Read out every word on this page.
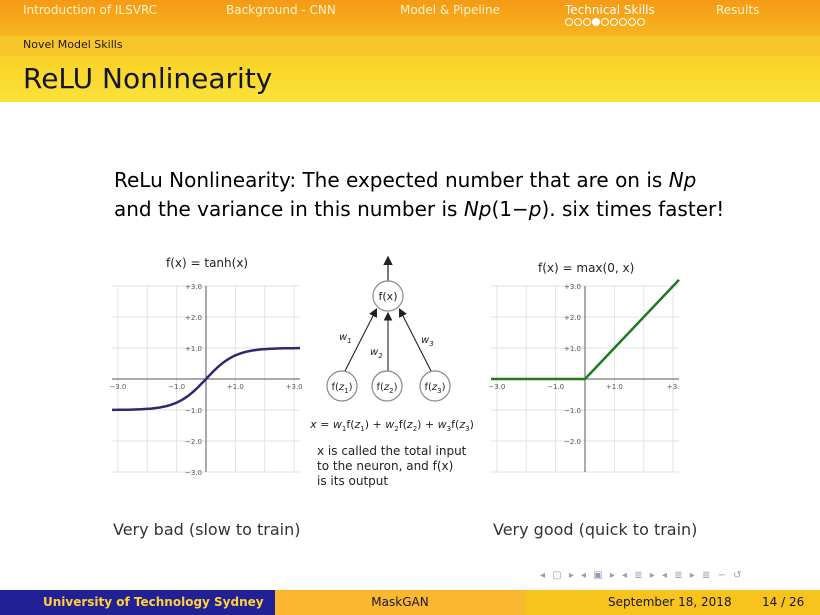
Introduction of ILSVRC	Background - CNN	Model & Pipeline	Technical Skills	Results
Novel Model Skills
ReLU Nonlinearity
ReLu Nonlinearity: The expected number that are on is Np
and the variance in this number is Np(1−p). six times faster!
f(x) = tanh(x)
+3.0
+2.0
+1.0
−1.0
−2.0
−3.0
−3.0	−1.0	+1.0	+3.0
f(x) = max(0, x)
+3.0
+2.0
+1.0
−1.0
−2.0
−3.0	−1.0	+1.0	+3.
f(x)
$w_1$
$w_2$
$w_3$
$f(z_1)$ $f(z_2)$	$f(z_3)$
$x = w_1f(z_1) + w_2f(z_2) + w_3f(z_3)$
x is called the total input
to the neuron, and f(x)
is its output
Very bad (slow to train)	Very good (quick to train)
◂ ▢ ▸ ◂ ▣ ▸ ◂ ≣ ▸ ◂ ≣ ▸ ≣ ∽ ↺
University of Technology Sydney	MaskGAN	September 18, 2018	14 / 26
